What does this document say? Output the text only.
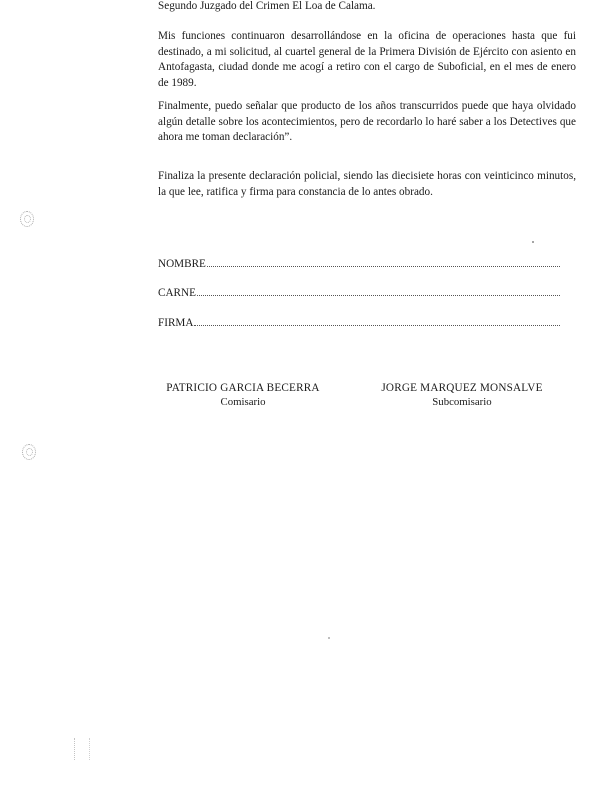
Segundo Juzgado del Crimen El Loa de Calama.

Mis funciones continuaron desarrollándose en la oficina de operaciones hasta que fui destinado, a mi solicitud, al cuartel general de la Primera División de Ejército con asiento en Antofagasta, ciudad donde me acogí a retiro con el cargo de Suboficial, en el mes de enero de 1989.

Finalmente, puedo señalar que producto de los años transcurridos puede que haya olvidado algún detalle sobre los acontecimientos, pero de recordarlo lo haré saber a los Detectives que ahora me toman declaración”.

Finaliza la presente declaración policial, siendo las diecisiete horas con veinticinco minutos, la que lee, ratifica y firma para constancia de lo antes obrado.

NOMBRE
CARNE
FIRMA
PATRICIO GARCIA BECERRA
Comisario
JORGE MARQUEZ MONSALVE
Subcomisario
